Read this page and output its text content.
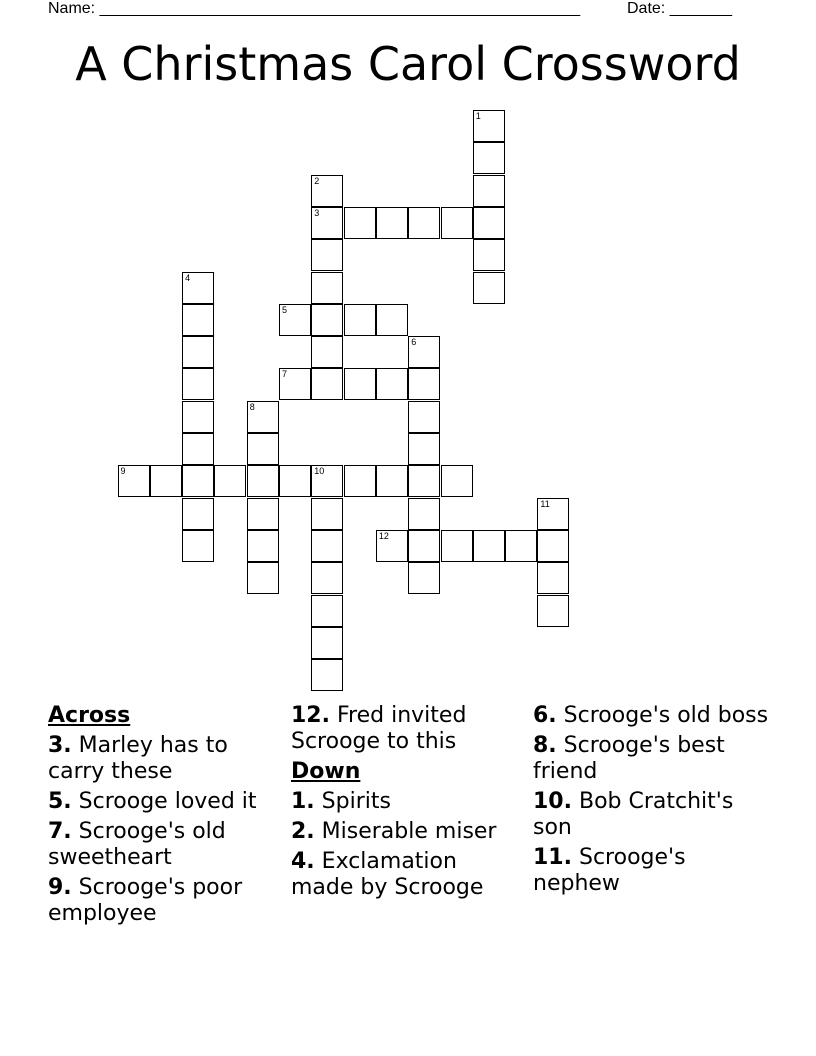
Name: ______________________________________________________	Date: _______
A Christmas Carol Crossword
1
2
3
4
5
6
7
8
9	10
11
12
Across
3. Marley has to carry these
5. Scrooge loved it
7. Scrooge's old sweetheart
9. Scrooge's poor employee
12. Fred invited Scrooge to this
Down
1. Spirits
2. Miserable miser
4. Exclamation made by Scrooge
6. Scrooge's old boss
8. Scrooge's best friend
10. Bob Cratchit's son
11. Scrooge's nephew
